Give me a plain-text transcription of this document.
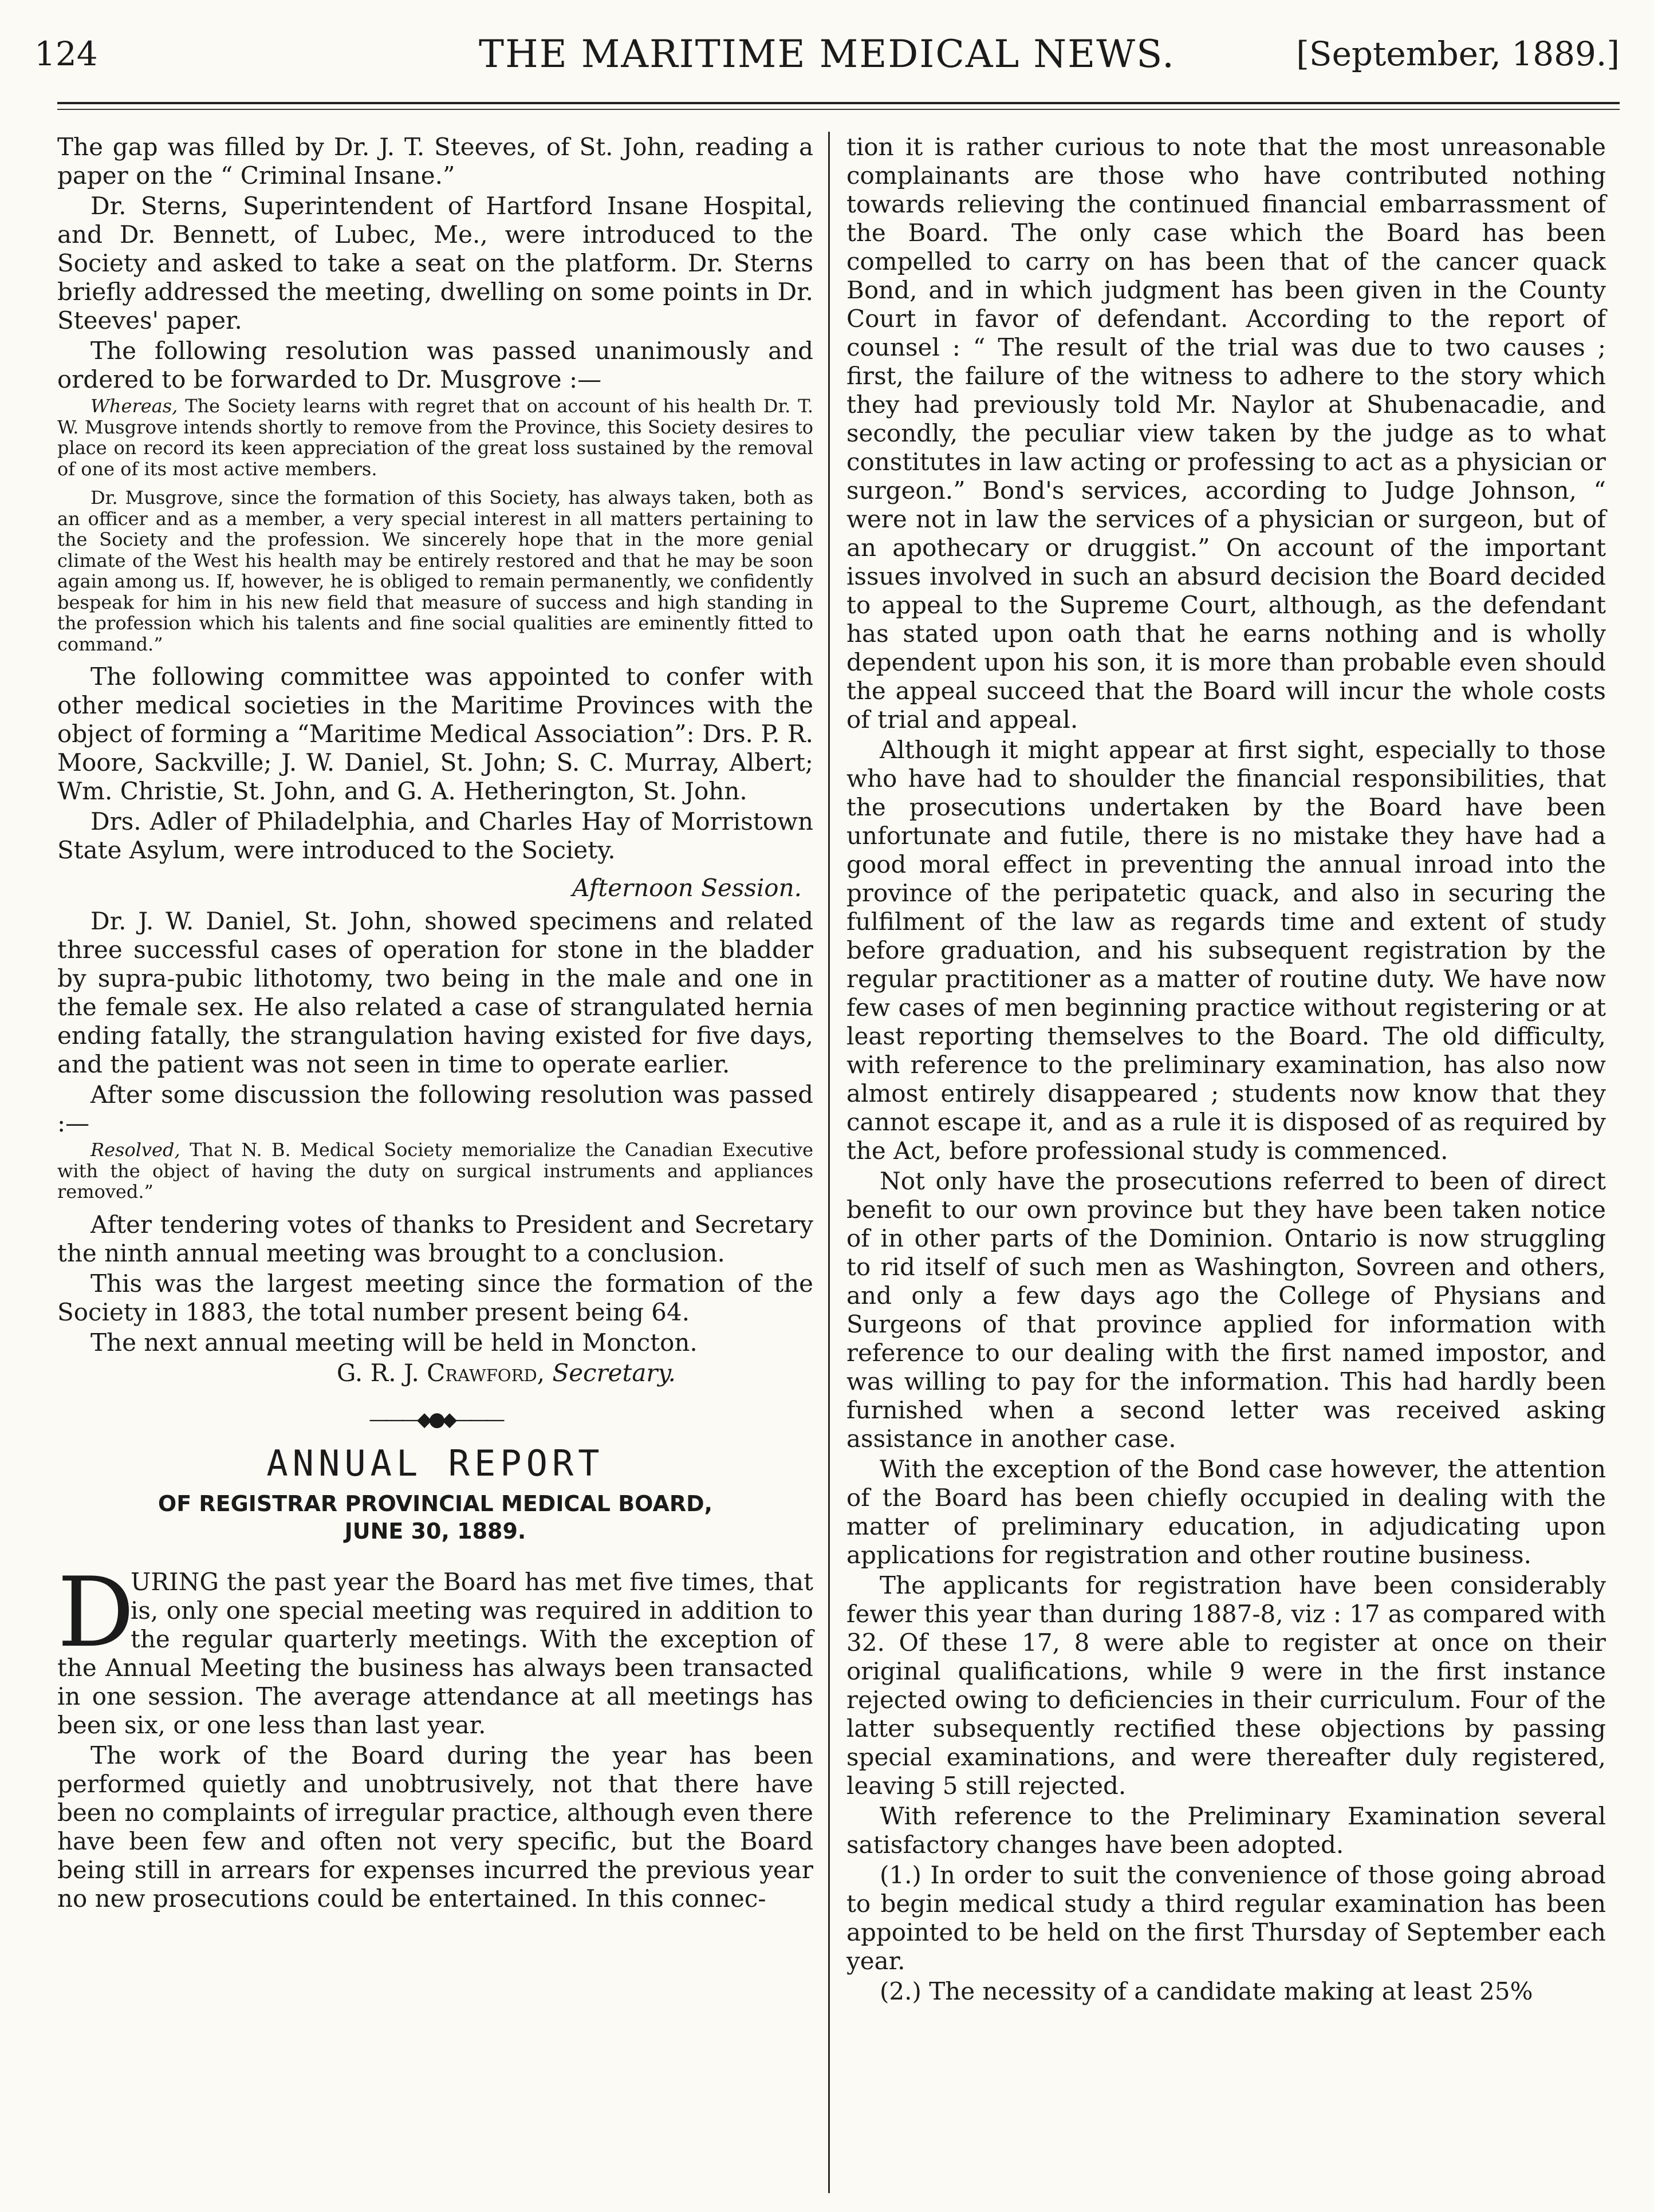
124	THE MARITIME MEDICAL NEWS.	[September, 1889.]

The gap was filled by Dr. J. T. Steeves, of St. John, reading a paper on the “ Criminal Insane.”

Dr. Sterns, Superintendent of Hartford Insane Hospital, and Dr. Bennett, of Lubec, Me., were introduced to the Society and asked to take a seat on the platform. Dr. Sterns briefly addressed the meeting, dwelling on some points in Dr. Steeves' paper.

The following resolution was passed unanimously and ordered to be forwarded to Dr. Musgrove :—

Whereas, The Society learns with regret that on account of his health Dr. T. W. Musgrove intends shortly to remove from the Province, this Society desires to place on record its keen appreciation of the great loss sustained by the removal of one of its most active members.

Dr. Musgrove, since the formation of this Society, has always taken, both as an officer and as a member, a very special interest in all matters pertaining to the Society and the profession. We sincerely hope that in the more genial climate of the West his health may be entirely restored and that he may be soon again among us. If, however, he is obliged to remain permanently, we confidently bespeak for him in his new field that measure of success and high standing in the profession which his talents and fine social qualities are eminently fitted to command.”

The following committee was appointed to confer with other medical societies in the Maritime Provinces with the object of forming a “Maritime Medical Association”: Drs. P. R. Moore, Sackville; J. W. Daniel, St. John; S. C. Murray, Albert; Wm. Christie, St. John, and G. A. Hetherington, St. John.

Drs. Adler of Philadelphia, and Charles Hay of Morristown State Asylum, were introduced to the Society.

Afternoon Session.

Dr. J. W. Daniel, St. John, showed specimens and related three successful cases of operation for stone in the bladder by supra-pubic lithotomy, two being in the male and one in the female sex. He also related a case of strangulated hernia ending fatally, the strangulation having existed for five days, and the patient was not seen in time to operate earlier.

After some discussion the following resolution was passed :—

Resolved, That N. B. Medical Society memorialize the Canadian Executive with the object of having the duty on surgical instruments and appliances removed.”

After tendering votes of thanks to President and Secretary the ninth annual meeting was brought to a conclusion.

This was the largest meeting since the formation of the Society in 1883, the total number present being 64.

The next annual meeting will be held in Moncton.

G. R. J. Crawford, Secretary.

———◆●◆———
ANNUAL REPORT

OF REGISTRAR PROVINCIAL MEDICAL BOARD,

JUNE 30, 1889.

D
URING the past year the Board has met five times, that is, only one special meeting was required in addition to the regular quarterly meetings. With the exception of the Annual Meeting the business has always been transacted in one session. The average attendance at all meetings has been six, or one less than last year.

The work of the Board during the year has been performed quietly and unobtrusively, not that there have been no complaints of irregular practice, although even there have been few and often not very specific, but the Board being still in arrears for expenses incurred the previous year no new prosecutions could be entertained. In this connec-

tion it is rather curious to note that the most unreasonable complainants are those who have contributed nothing towards relieving the continued financial embarrassment of the Board. The only case which the Board has been compelled to carry on has been that of the cancer quack Bond, and in which judgment has been given in the County Court in favor of defendant. According to the report of counsel : “ The result of the trial was due to two causes ; first, the failure of the witness to adhere to the story which they had previously told Mr. Naylor at Shubenacadie, and secondly, the peculiar view taken by the judge as to what constitutes in law acting or professing to act as a physician or surgeon.” Bond's services, according to Judge Johnson, “ were not in law the services of a physician or surgeon, but of an apothecary or druggist.” On account of the important issues involved in such an absurd decision the Board decided to appeal to the Supreme Court, although, as the defendant has stated upon oath that he earns nothing and is wholly dependent upon his son, it is more than probable even should the appeal succeed that the Board will incur the whole costs of trial and appeal.

Although it might appear at first sight, especially to those who have had to shoulder the financial responsibilities, that the prosecutions undertaken by the Board have been unfortunate and futile, there is no mistake they have had a good moral effect in preventing the annual inroad into the province of the peripatetic quack, and also in securing the fulfilment of the law as regards time and extent of study before graduation, and his subsequent registration by the regular practitioner as a matter of routine duty. We have now few cases of men beginning practice without registering or at least reporting themselves to the Board. The old difficulty, with reference to the preliminary examination, has also now almost entirely disappeared ; students now know that they cannot escape it, and as a rule it is disposed of as required by the Act, before professional study is commenced.

Not only have the prosecutions referred to been of direct benefit to our own province but they have been taken notice of in other parts of the Dominion. Ontario is now struggling to rid itself of such men as Washington, Sovreen and others, and only a few days ago the College of Physians and Surgeons of that province applied for information with reference to our dealing with the first named impostor, and was willing to pay for the information. This had hardly been furnished when a second letter was received asking assistance in another case.

With the exception of the Bond case however, the attention of the Board has been chiefly occupied in dealing with the matter of preliminary education, in adjudicating upon applications for registration and other routine business.

The applicants for registration have been considerably fewer this year than during 1887-8, viz : 17 as compared with 32. Of these 17, 8 were able to register at once on their original qualifications, while 9 were in the first instance rejected owing to deficiencies in their curriculum. Four of the latter subsequently rectified these objections by passing special examinations, and were thereafter duly registered, leaving 5 still rejected.

With reference to the Preliminary Examination several satisfactory changes have been adopted.

(1.) In order to suit the convenience of those going abroad to begin medical study a third regular examination has been appointed to be held on the first Thursday of September each year.

(2.) The necessity of a candidate making at least 25%
